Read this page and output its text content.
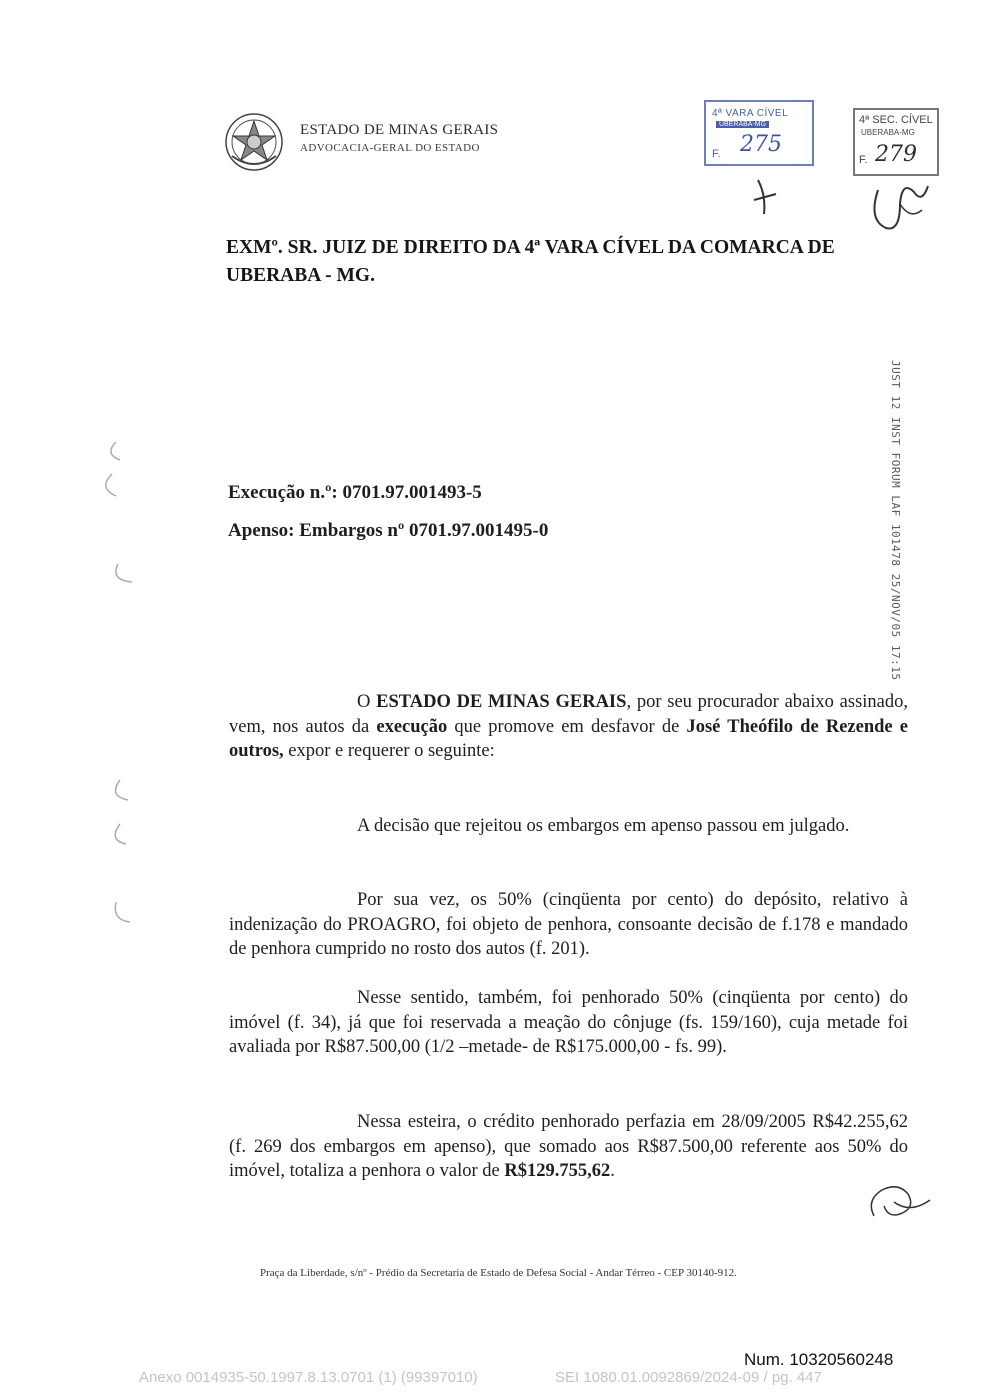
ESTADO DE MINAS GERAIS
ADVOCACIA-GERAL DO ESTADO
4ª VARA CÍVEL
UBERABA-MG
F. 275
4ª SEC. CÍVEL
UBERABA-MG
F. 279
EXMº. SR. JUIZ DE DIREITO DA 4ª VARA CÍVEL DA COMARCA DE UBERABA - MG.
JUST 12 INST FORUM LAF 101478 25/NOV/05 17:15
Execução n.º: 0701.97.001493-5
Apenso: Embargos nº 0701.97.001495-0
O ESTADO DE MINAS GERAIS, por seu procurador abaixo assinado, vem, nos autos da execução que promove em desfavor de José Theófilo de Rezende e outros, expor e requerer o seguinte:
A decisão que rejeitou os embargos em apenso passou em julgado.
Por sua vez, os 50% (cinqüenta por cento) do depósito, relativo à indenização do PROAGRO, foi objeto de penhora, consoante decisão de f.178 e mandado de penhora cumprido no rosto dos autos (f. 201).
Nesse sentido, também, foi penhorado 50% (cinqüenta por cento) do imóvel (f. 34), já que foi reservada a meação do cônjuge (fs. 159/160), cuja metade foi avaliada por R$87.500,00 (1/2 –metade- de R$175.000,00 - fs. 99).
Nessa esteira, o crédito penhorado perfazia em 28/09/2005 R$42.255,62 (f. 269 dos embargos em apenso), que somado aos R$87.500,00 referente aos 50% do imóvel, totaliza a penhora o valor de R$129.755,62.
Praça da Liberdade, s/nº - Prédio da Secretaria de Estado de Defesa Social - Andar Térreo - CEP 30140-912.
Num. 10320560248
Anexo 0014935-50.1997.8.13.0701 (1) (99397010)	SEI 1080.01.0092869/2024-09 / pg. 447
